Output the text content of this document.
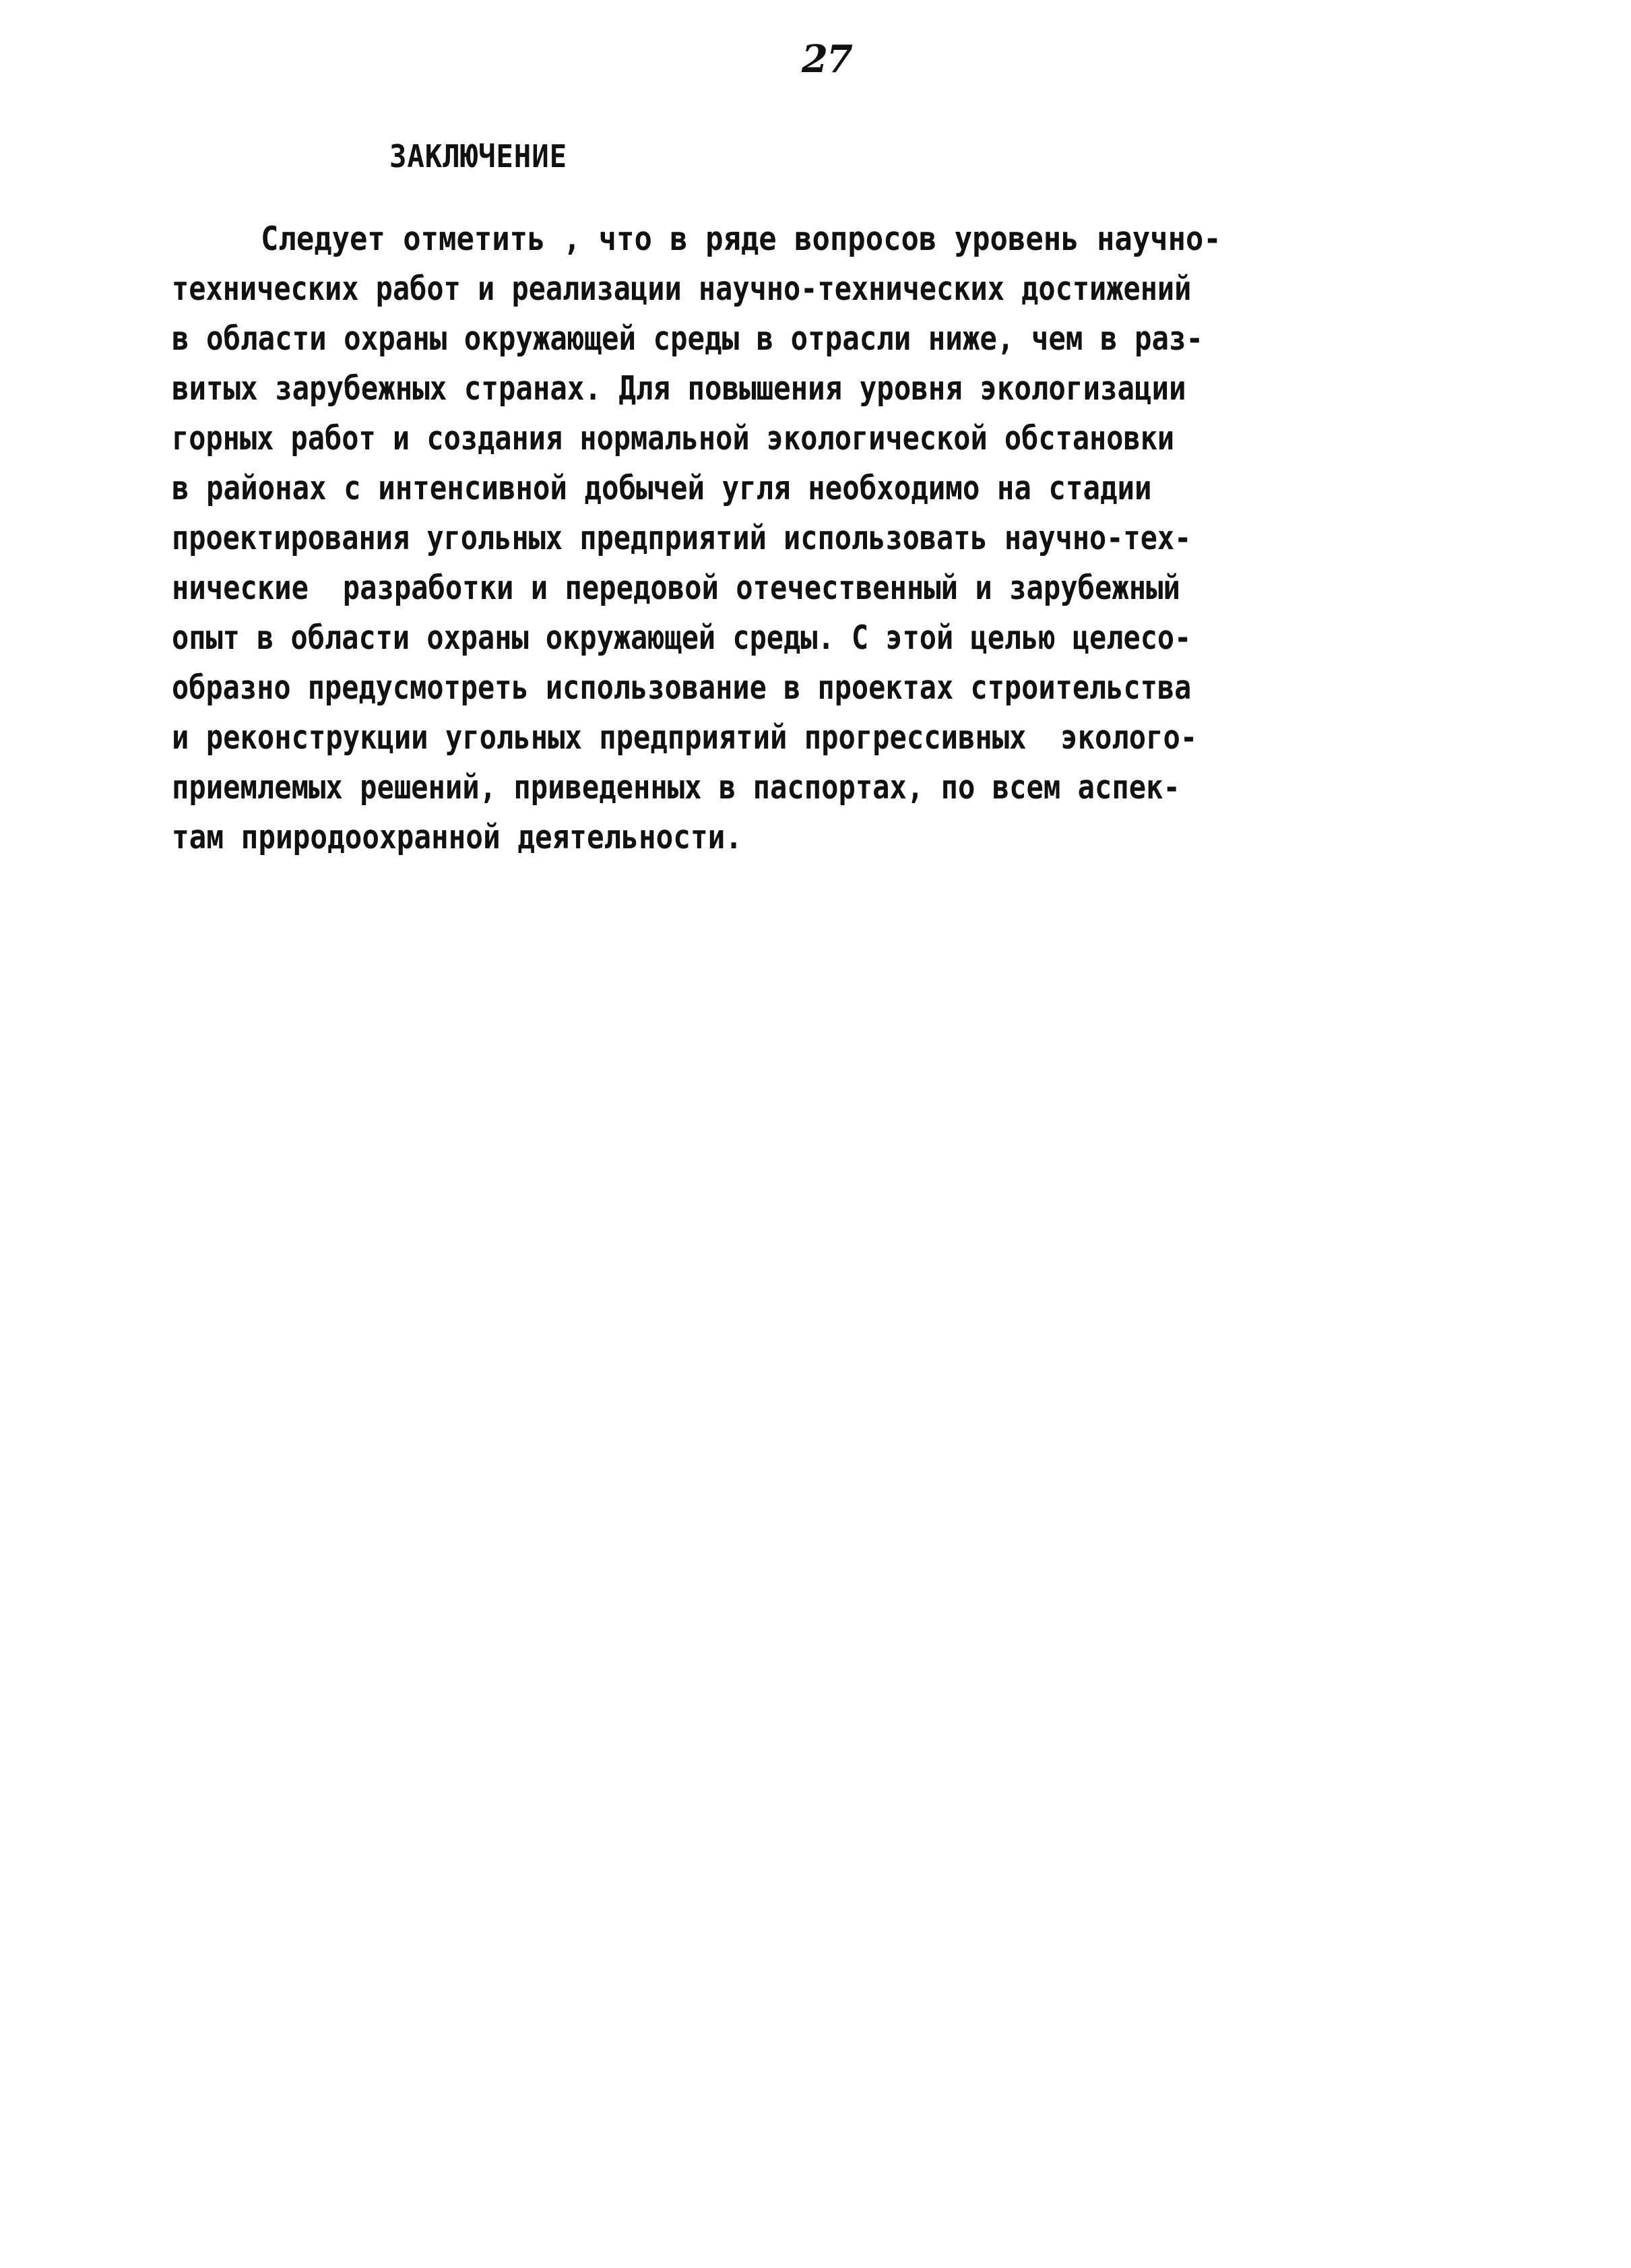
27
ЗАКЛЮЧЕНИЕ
Следует отметить , что в ряде вопросов уровень научно-
технических работ и реализации научно-технических достижений
в области охраны окружающей среды в отрасли ниже, чем в раз-
витых зарубежных странах. Для повышения уровня экологизации
горных работ и создания нормальной экологической обстановки
в районах с интенсивной добычей угля необходимо на стадии
проектирования угольных предприятий использовать научно-тех-
нические  разработки и передовой отечественный и зарубежный
опыт в области охраны окружающей среды. С этой целью целесо-
образно предусмотреть использование в проектах строительства
и реконструкции угольных предприятий прогрессивных  эколого-
приемлемых решений, приведенных в паспортах, по всем аспек-
там природоохранной деятельности.
